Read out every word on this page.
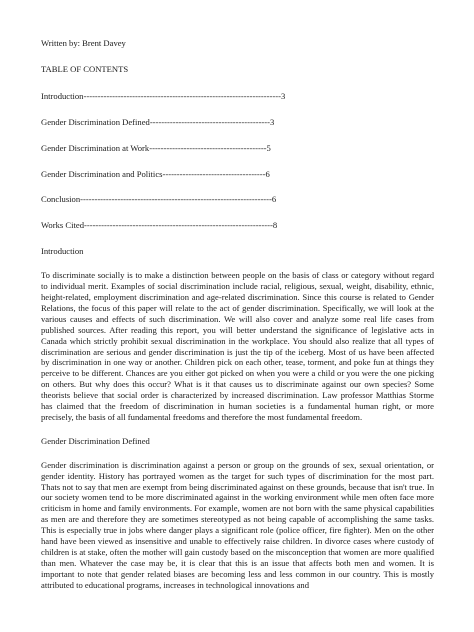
Written by: Brent Davey
TABLE OF CONTENTS
Introduction---------------------------------------------------------------------3
Gender Discrimination Defined------------------------------------------3
Gender Discrimination at Work-----------------------------------------5
Gender Discrimination and Politics------------------------------------6
Conclusion-------------------------------------------------------------------6
Works Cited------------------------------------------------------------------8
Introduction

To discriminate socially is to make a distinction between people on the basis of class or category without regard to individual merit. Examples of social discrimination include racial, religious, sexual, weight, disability, ethnic, height-related, employment discrimination and age-related discrimination. Since this course is related to Gender Relations, the focus of this paper will relate to the act of gender discrimination. Specifically, we will look at the various causes and effects of such discrimination. We will also cover and analyze some real life cases from published sources. After reading this report, you will better understand the significance of legislative acts in Canada which strictly prohibit sexual discrimination in the workplace. You should also realize that all types of discrimination are serious and gender discrimination is just the tip of the iceberg. Most of us have been affected by discrimination in one way or another. Children pick on each other, tease, torment, and poke fun at things they perceive to be different. Chances are you either got picked on when you were a child or you were the one picking on others. But why does this occur? What is it that causes us to discriminate against our own species? Some theorists believe that social order is characterized by increased discrimination. Law professor Matthias Storme has claimed that the freedom of discrimination in human societies is a fundamental human right, or more precisely, the basis of all fundamental freedoms and therefore the most fundamental freedom.

Gender Discrimination Defined

Gender discrimination is discrimination against a person or group on the grounds of sex, sexual orientation, or gender identity. History has portrayed women as the target for such types of discrimination for the most part. Thats not to say that men are exempt from being discriminated against on these grounds, because that isn't true. In our society women tend to be more discriminated against in the working environment while men often face more criticism in home and family environments. For example, women are not born with the same physical capabilities as men are and therefore they are sometimes stereotyped as not being capable of accomplishing the same tasks. This is especially true in jobs where danger plays a significant role (police officer, fire fighter). Men on the other hand have been viewed as insensitive and unable to effectively raise children. In divorce cases where custody of children is at stake, often the mother will gain custody based on the misconception that women are more qualified than men. Whatever the case may be, it is clear that this is an issue that affects both men and women. It is important to note that gender related biases are becoming less and less common in our country. This is mostly attributed to educational programs, increases in technological innovations and
